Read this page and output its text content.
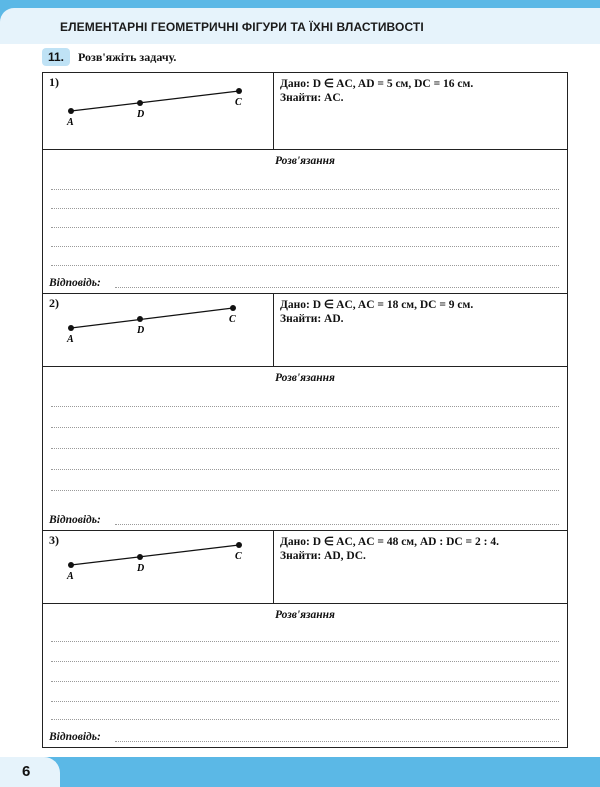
ЕЛЕМЕНТАРНІ ГЕОМЕТРИЧНІ ФІГУРИ ТА ЇХНІ ВЛАСТИВОСТІ
11.	Розв'яжіть задачу.
1)
A
D
C
Дано: D ∈ AC, AD = 5 см, DC = 16 см.
Знайти: AC.
Розв'язання
Відповідь:
2)
A
D
C
Дано: D ∈ AC, AC = 18 см, DC = 9 см.
Знайти: AD.
Розв'язання
Відповідь:
3)
A
D
C
Дано: D ∈ AC, AC = 48 см, AD : DC = 2 : 4.
Знайти: AD, DC.
Розв'язання
Відповідь:
6
